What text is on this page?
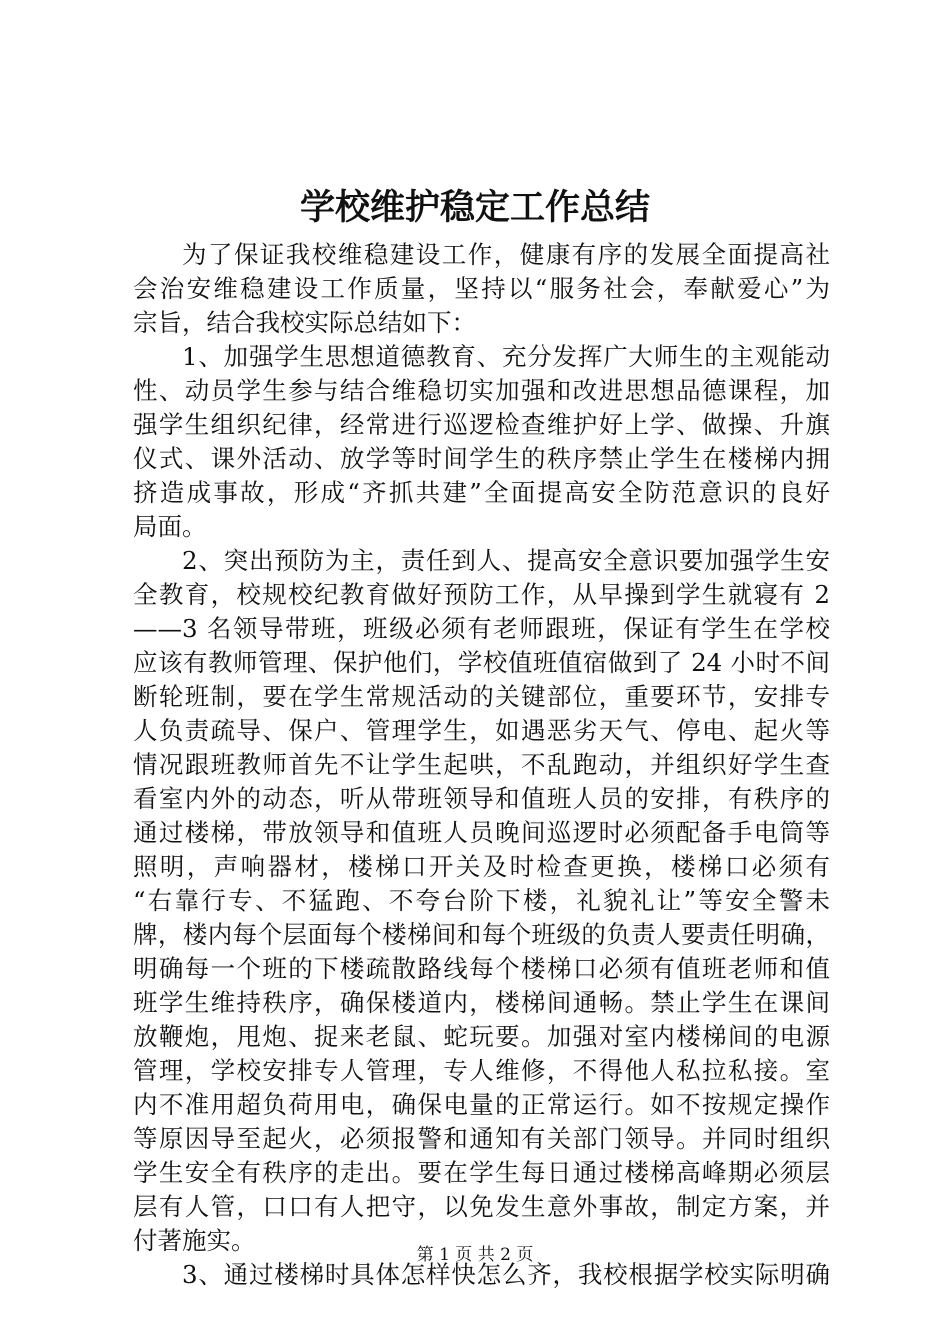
学校维护稳定工作总结
为了保证我校维稳建设工作，健康有序的发展全面提高社
会治安维稳建设工作质量，坚持以“服务社会，奉献爱心”为
宗旨，结合我校实际总结如下：
1、加强学生思想道德教育、充分发挥广大师生的主观能动
性、动员学生参与结合维稳切实加强和改进思想品德课程，加
强学生组织纪律，经常进行巡逻检查维护好上学、做操、升旗
仪式、课外活动、放学等时间学生的秩序禁止学生在楼梯内拥
挤造成事故，形成“齐抓共建”全面提高安全防范意识的良好
局面。
2、突出预防为主，责任到人、提高安全意识要加强学生安
全教育，校规校纪教育做好预防工作，从早操到学生就寝有 2
——3 名领导带班，班级必须有老师跟班，保证有学生在学校
应该有教师管理、保护他们，学校值班值宿做到了 24 小时不间
断轮班制，要在学生常规活动的关键部位，重要环节，安排专
人负责疏导、保户、管理学生，如遇恶劣天气、停电、起火等
情况跟班教师首先不让学生起哄，不乱跑动，并组织好学生查
看室内外的动态，听从带班领导和值班人员的安排，有秩序的
通过楼梯，带放领导和值班人员晚间巡逻时必须配备手电筒等
照明，声响器材，楼梯口开关及时检查更换，楼梯口必须有
“右靠行专、不猛跑、不夸台阶下楼，礼貌礼让”等安全警未
牌，楼内每个层面每个楼梯间和每个班级的负责人要责任明确，
明确每一个班的下楼疏散路线每个楼梯口必须有值班老师和值
班学生维持秩序，确保楼道内，楼梯间通畅。禁止学生在课间
放鞭炮，甩炮、捉来老鼠、蛇玩要。加强对室内楼梯间的电源
管理，学校安排专人管理，专人维修，不得他人私拉私接。室
内不准用超负荷用电，确保电量的正常运行。如不按规定操作
等原因导至起火，必须报警和通知有关部门领导。并同时组织
学生安全有秩序的走出。要在学生每日通过楼梯高峰期必须层
层有人管，口口有人把守，以免发生意外事故，制定方案，并
付著施实。
3、通过楼梯时具体怎样快怎么齐，我校根据学校实际明确
第 1 页 共 2 页
